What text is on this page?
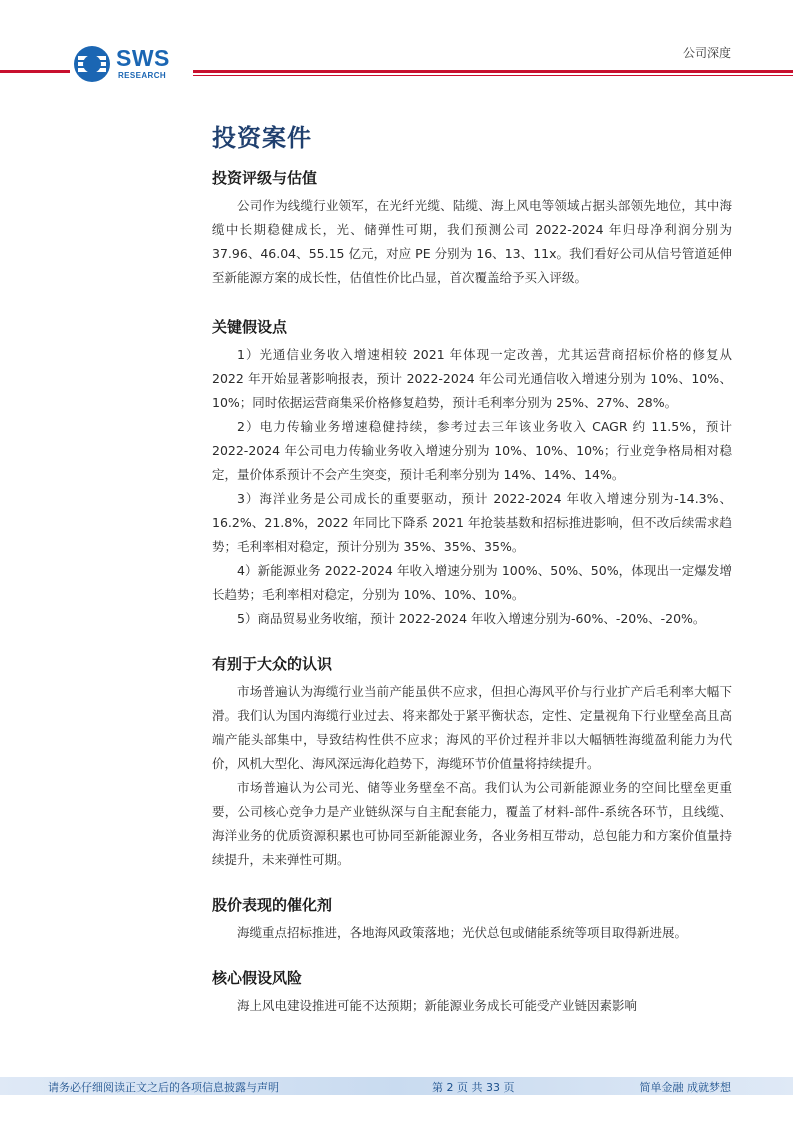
SWS
RESEARCH
公司深度
投资案件
投资评级与估值

公司作为线缆行业领军，在光纤光缆、陆缆、海上风电等领域占据头部领先地位，其中海缆中长期稳健成长，光、储弹性可期，我们预测公司 2022-2024 年归母净利润分别为 37.96、46.04、55.15 亿元，对应 PE 分别为 16、13、11x。我们看好公司从信号管道延伸至新能源方案的成长性，估值性价比凸显，首次覆盖给予买入评级。

关键假设点

1）光通信业务收入增速相较 2021 年体现一定改善，尤其运营商招标价格的修复从 2022 年开始显著影响报表，预计 2022-2024 年公司光通信收入增速分别为 10%、10%、10%；同时依据运营商集采价格修复趋势，预计毛利率分别为 25%、27%、28%。

2）电力传输业务增速稳健持续，参考过去三年该业务收入 CAGR 约 11.5%，预计 2022-2024 年公司电力传输业务收入增速分别为 10%、10%、10%；行业竞争格局相对稳定，量价体系预计不会产生突变，预计毛利率分别为 14%、14%、14%。

3）海洋业务是公司成长的重要驱动，预计 2022-2024 年收入增速分别为-14.3%、16.2%、21.8%，2022 年同比下降系 2021 年抢装基数和招标推进影响，但不改后续需求趋势；毛利率相对稳定，预计分别为 35%、35%、35%。

4）新能源业务 2022-2024 年收入增速分别为 100%、50%、50%，体现出一定爆发增长趋势；毛利率相对稳定，分别为 10%、10%、10%。

5）商品贸易业务收缩，预计 2022-2024 年收入增速分别为-60%、-20%、-20%。

有别于大众的认识

市场普遍认为海缆行业当前产能虽供不应求，但担心海风平价与行业扩产后毛利率大幅下滑。我们认为国内海缆行业过去、将来都处于紧平衡状态，定性、定量视角下行业壁垒高且高端产能头部集中，导致结构性供不应求；海风的平价过程并非以大幅牺牲海缆盈利能力为代价，风机大型化、海风深远海化趋势下，海缆环节价值量将持续提升。

市场普遍认为公司光、储等业务壁垒不高。我们认为公司新能源业务的空间比壁垒更重要，公司核心竞争力是产业链纵深与自主配套能力，覆盖了材料-部件-系统各环节，且线缆、海洋业务的优质资源积累也可协同至新能源业务，各业务相互带动，总包能力和方案价值量持续提升，未来弹性可期。

股价表现的催化剂

海缆重点招标推进，各地海风政策落地；光伏总包或储能系统等项目取得新进展。

核心假设风险

海上风电建设推进可能不达预期；新能源业务成长可能受产业链因素影响

请务必仔细阅读正文之后的各项信息披露与声明	第 2 页 共 33 页	简单金融 成就梦想
